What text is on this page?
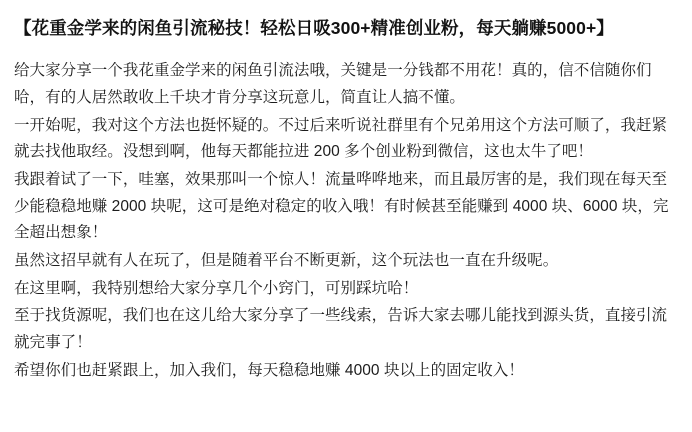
【花重金学来的闲鱼引流秘技！轻松日吸300+精准创业粉，每天躺赚5000+】

给大家分享一个我花重金学来的闲鱼引流法哦，关键是一分钱都不用花！真的，信不信随你们哈，有的人居然敢收上千块才肯分享这玩意儿，简直让人搞不懂。

一开始呢，我对这个方法也挺怀疑的。不过后来听说社群里有个兄弟用这个方法可顺了，我赶紧就去找他取经。没想到啊，他每天都能拉进 200 多个创业粉到微信，这也太牛了吧！

我跟着试了一下，哇塞，效果那叫一个惊人！流量哗哗地来，而且最厉害的是，我们现在每天至少能稳稳地赚 2000 块呢，这可是绝对稳定的收入哦！有时候甚至能赚到 4000 块、6000 块，完全超出想象！

虽然这招早就有人在玩了，但是随着平台不断更新，这个玩法也一直在升级呢。

在这里啊，我特别想给大家分享几个小窍门，可别踩坑哈！

至于找货源呢，我们也在这儿给大家分享了一些线索，告诉大家去哪儿能找到源头货，直接引流就完事了！

希望你们也赶紧跟上，加入我们，每天稳稳地赚 4000 块以上的固定收入！
